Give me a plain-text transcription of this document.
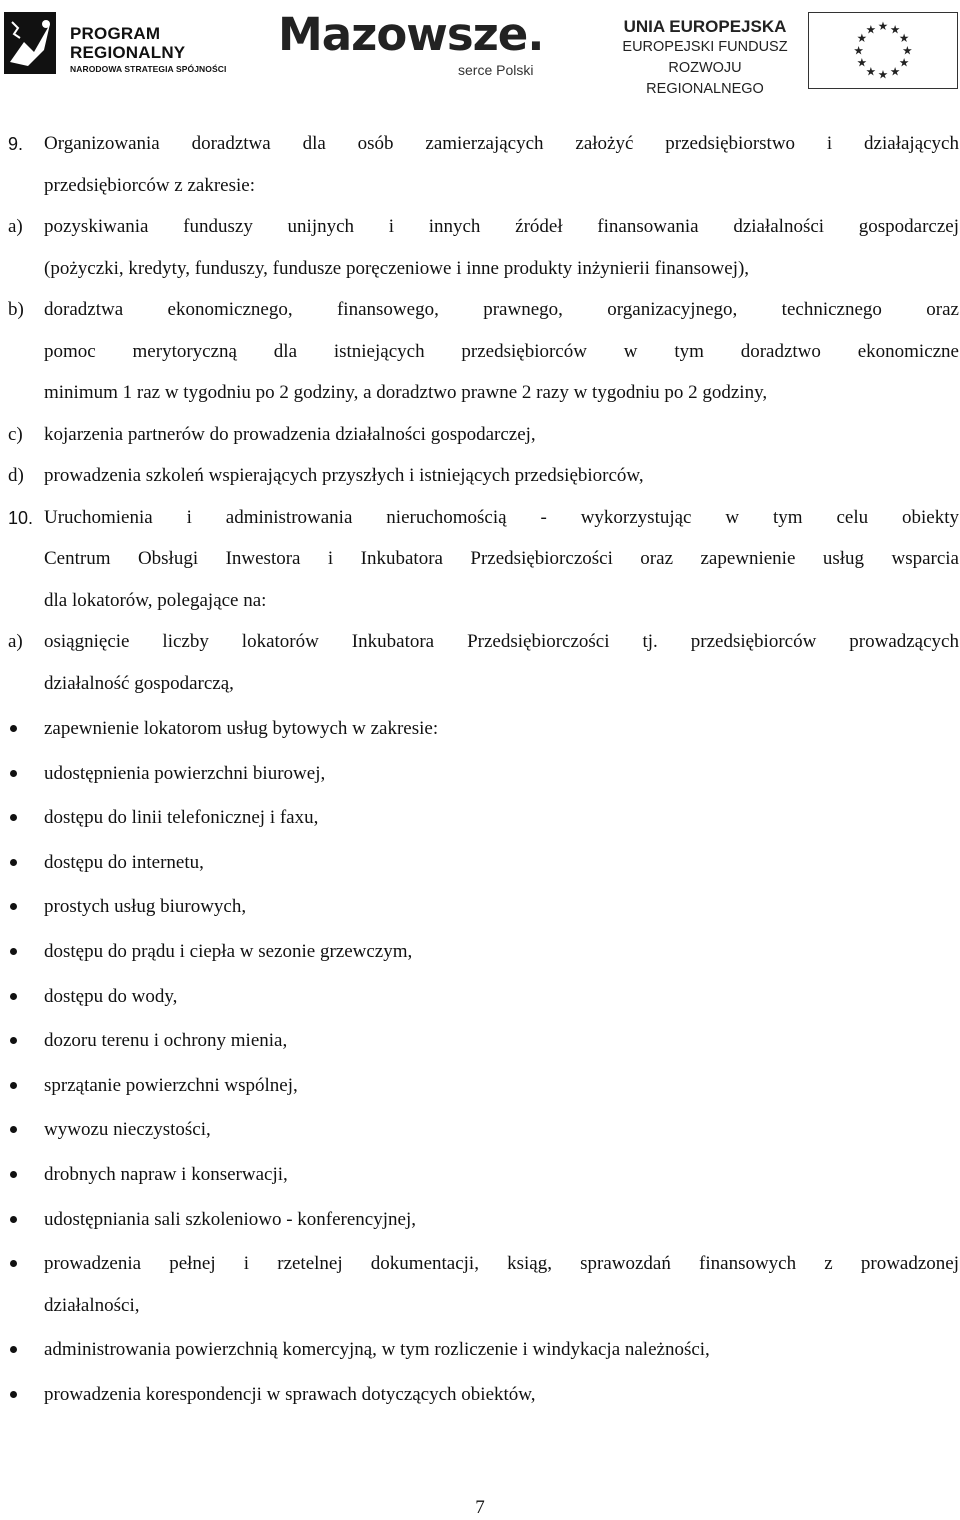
PROGRAM
REGIONALNY
NARODOWA STRATEGIA SPÓJNOŚCI
Mazowsze.
serce Polski
UNIA EUROPEJSKA
EUROPEJSKI FUNDUSZ
ROZWOJU REGIONALNEGO
★ ★
★
★
★
★
★
★
★
★
★
★
9. Organizowania doradztwa dla osób zamierzających założyć przedsiębiorstwo i działających
przedsiębiorców z zakresie:
a) pozyskiwania funduszy unijnych i innych źródeł finansowania działalności gospodarczej
(pożyczki, kredyty, funduszy, fundusze poręczeniowe i inne produkty inżynierii finansowej),
b) doradztwa ekonomicznego, finansowego, prawnego, organizacyjnego, technicznego oraz
pomoc merytoryczną dla istniejących przedsiębiorców w tym doradztwo ekonomiczne
minimum 1 raz w tygodniu po 2 godziny, a doradztwo prawne 2 razy w tygodniu po 2 godziny,
c) kojarzenia partnerów do prowadzenia działalności gospodarczej,
d) prowadzenia szkoleń wspierających przyszłych i istniejących przedsiębiorców,
10. Uruchomienia i administrowania nieruchomością - wykorzystując w tym celu obiekty
Centrum Obsługi Inwestora i Inkubatora Przedsiębiorczości oraz zapewnienie usług wsparcia
dla lokatorów, polegające na:
a) osiągnięcie liczby lokatorów Inkubatora Przedsiębiorczości tj. przedsiębiorców prowadzących
działalność gospodarczą,
zapewnienie lokatorom usług bytowych w zakresie:
udostępnienia powierzchni biurowej,
dostępu do linii telefonicznej i faxu,
dostępu do internetu,
prostych usług biurowych,
dostępu do prądu i ciepła w sezonie grzewczym,
dostępu do wody,
dozoru terenu i ochrony mienia,
sprzątanie powierzchni wspólnej,
wywozu nieczystości,
drobnych napraw i konserwacji,
udostępniania sali szkoleniowo - konferencyjnej,
prowadzenia pełnej i rzetelnej dokumentacji, ksiąg, sprawozdań finansowych z prowadzonej
działalności,
administrowania powierzchnią komercyjną, w tym rozliczenie i windykacja należności,
prowadzenia korespondencji w sprawach dotyczących obiektów,
7
